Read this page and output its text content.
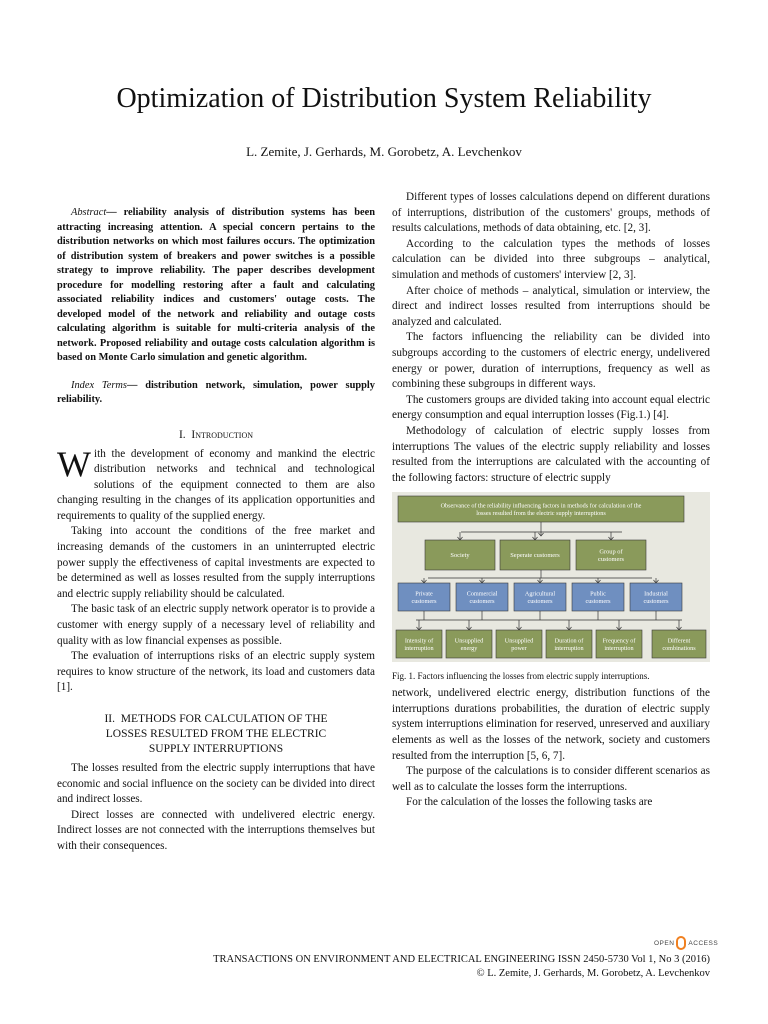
Optimization of Distribution System Reliability
L. Zemite, J. Gerhards, M. Gorobetz, A. Levchenkov

Abstract— reliability analysis of distribution systems has been attracting increasing attention. A special concern pertains to the distribution networks on which most failures occurs. The optimization of distribution system of breakers and power switches is a possible strategy to improve reliability. The paper describes development procedure for modelling restoring after a fault and calculating associated reliability indices and customers' outage costs. The developed model of the network and reliability and outage costs calculating algorithm is suitable for multi-criteria analysis of the network. Proposed reliability and outage costs calculation algorithm is based on Monte Carlo simulation and genetic algorithm.

Index Terms— distribution network, simulation, power supply reliability.

I. Introduction

With the development of economy and mankind the electric distribution networks and technical and technological solutions of the equipment connected to them are also changing resulting in the changes of its application opportunities and requirements to quality of the supplied energy.

Taking into account the conditions of the free market and increasing demands of the customers in an uninterrupted electric power supply the effectiveness of capital investments are expected to be determined as well as losses resulted from the supply interruptions and electric supply reliability should be calculated.

The basic task of an electric supply network operator is to provide a customer with energy supply of a necessary level of reliability and quality with as low financial expenses as possible.

The evaluation of interruptions risks of an electric supply system requires to know structure of the network, its load and customers data [1].

II. METHODS FOR CALCULATION OF THE LOSSES RESULTED FROM THE ELECTRIC SUPPLY INTERRUPTIONS

The losses resulted from the electric supply interruptions that have economic and social influence on the society can be divided into direct and indirect losses.

Direct losses are connected with undelivered electric energy. Indirect losses are not connected with the interruptions themselves but with their consequences.

Different types of losses calculations depend on different durations of interruptions, distribution of the customers' groups, methods of results calculations, methods of data obtaining, etc. [2, 3].

According to the calculation types the methods of losses calculation can be divided into three subgroups – analytical, simulation and methods of customers' interview [2, 3].

After choice of methods – analytical, simulation or interview, the direct and indirect losses resulted from interruptions should be analyzed and calculated.

The factors influencing the reliability can be divided into subgroups according to the customers of electric energy, undelivered energy or power, duration of interruptions, frequency as well as combining these subgroups in different ways.

The customers groups are divided taking into account equal electric energy consumption and equal interruption losses (Fig.1.) [4].

Methodology of calculation of electric supply losses from interruptions The values of the electric supply reliability and losses resulted from the interruptions are calculated with the accounting of the following factors: structure of electric supply

Observance of the reliability influencing factors in methods for calculation of the
losses resulted from the electric supply interruptions
Society	Seperate customers
Group of
customers
Private
customers
Commercial
customers
Agricultural
customers
Public
customers
Industrial
customers
Intensity of
interruption
Unsupplied
energy
Unsupplied
power
Duration of
interruption
Frequency of
interruption
Different
combinations

Fig. 1. Factors influencing the losses from electric supply interruptions.

network, undelivered electric energy, distribution functions of the interruptions durations probabilities, the duration of electric supply system interruptions elimination for reserved, unreserved and auxiliary elements as well as the losses of the network, society and customers resulted from the interruption [5, 6, 7].

The purpose of the calculations is to consider different scenarios as well as to calculate the losses form the interruptions.

For the calculation of the losses the following tasks are

OPEN ACCESS
TRANSACTIONS ON ENVIRONMENT AND ELECTRICAL ENGINEERING ISSN 2450-5730 Vol 1, No 3 (2016)
© L. Zemite, J. Gerhards, M. Gorobetz, A. Levchenkov
